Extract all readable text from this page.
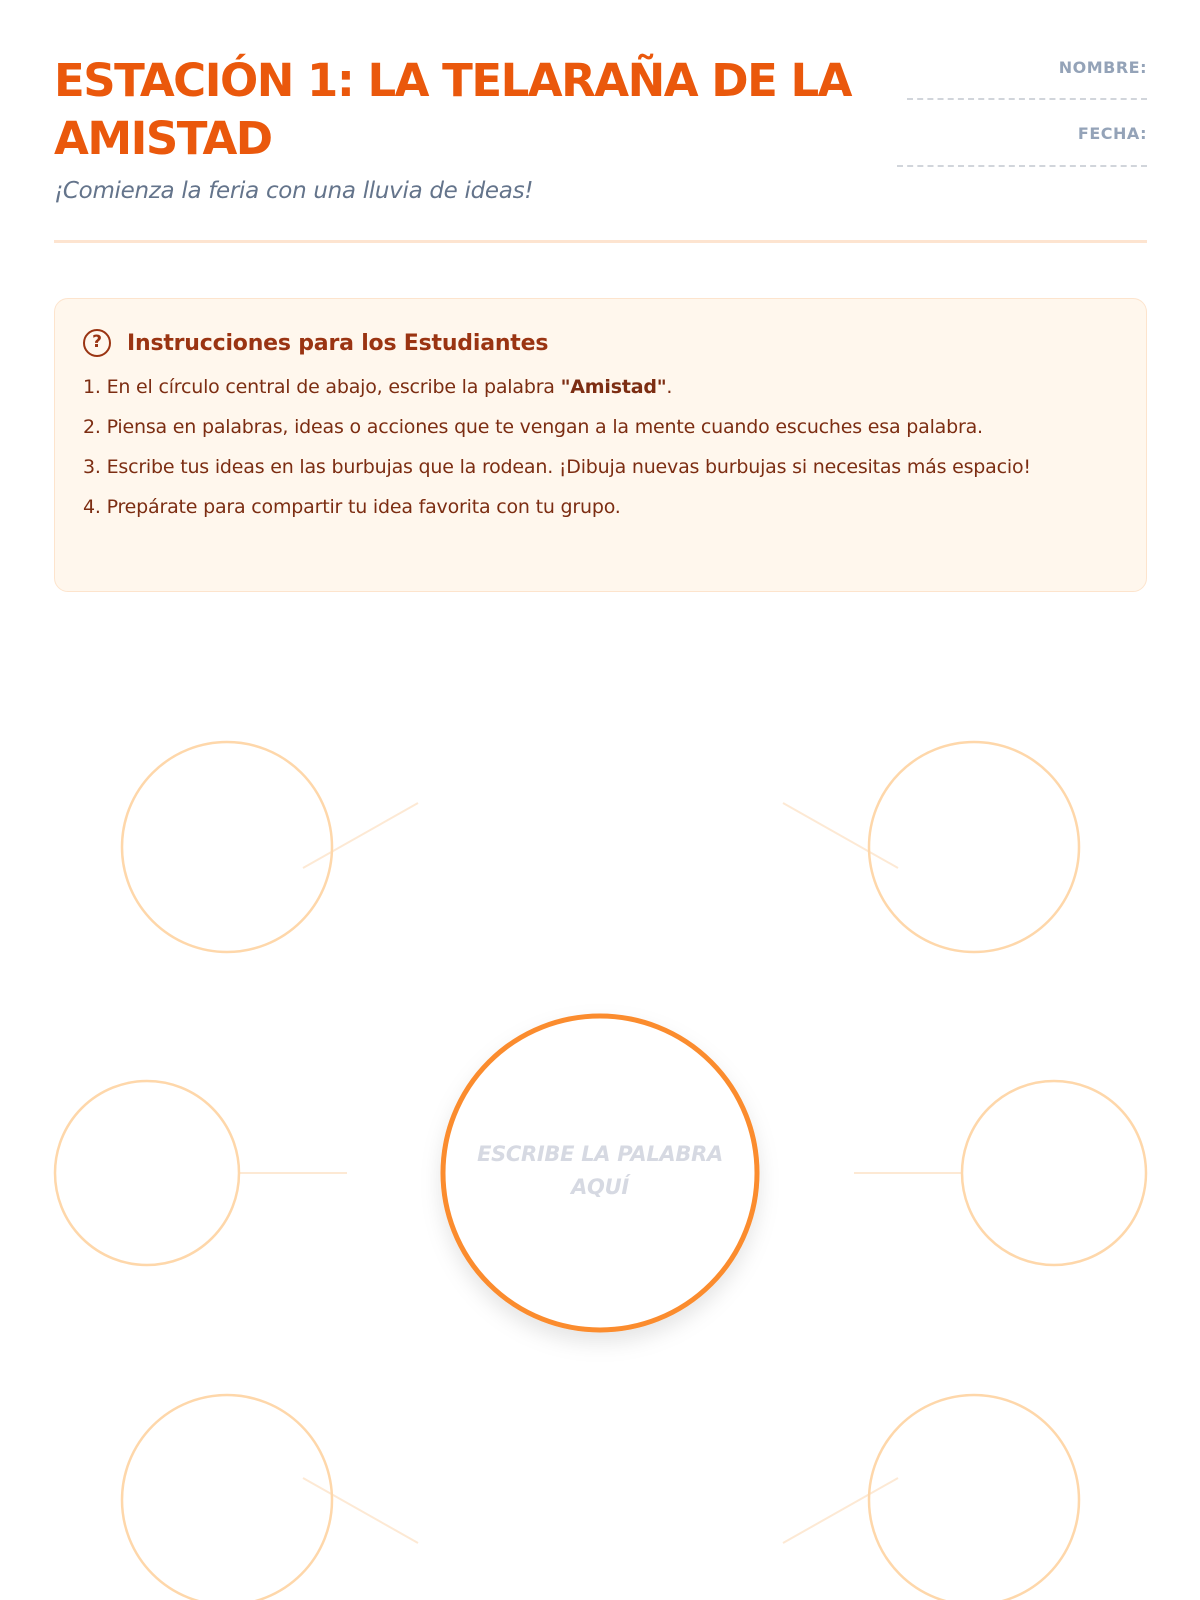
ESTACIÓN 1: LA TELARAÑA DE LA AMISTAD
¡Comienza la feria con una lluvia de ideas!
NOMBRE:
FECHA:
?	Instrucciones para los Estudiantes
1. En el círculo central de abajo, escribe la palabra "Amistad".
2. Piensa en palabras, ideas o acciones que te vengan a la mente cuando escuches esa palabra.
3. Escribe tus ideas en las burbujas que la rodean. ¡Dibuja nuevas burbujas si necesitas más espacio!
4. Prepárate para compartir tu idea favorita con tu grupo.
ESCRIBE LA PALABRA AQUÍ
